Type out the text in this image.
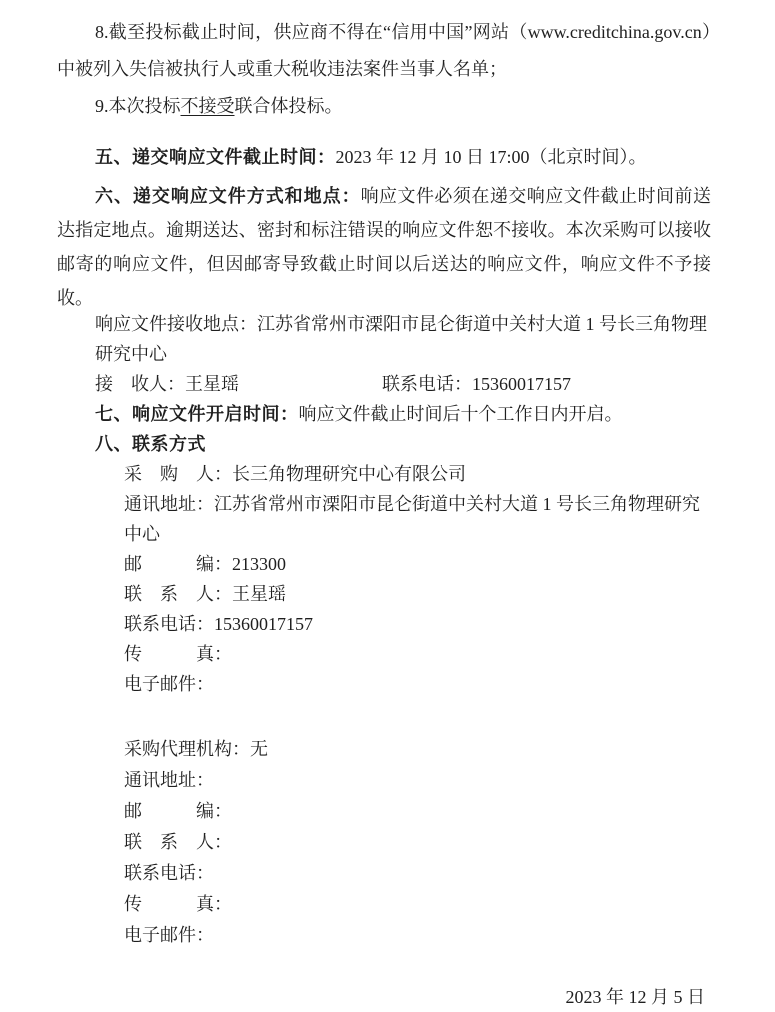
8.截至投标截止时间，供应商不得在“信用中国”网站（www.creditchina.gov.cn）中被列入失信被执行人或重大税收违法案件当事人名单；

9.本次投标不接受联合体投标。

五、递交响应文件截止时间：2023 年 12 月 10 日 17:00（北京时间）。

六、递交响应文件方式和地点：响应文件必须在递交响应文件截止时间前送达指定地点。逾期送达、密封和标注错误的响应文件恕不接收。本次采购可以接收邮寄的响应文件，但因邮寄导致截止时间以后送达的响应文件，响应文件不予接收。

响应文件接收地点：江苏省常州市溧阳市昆仑街道中关村大道 1 号长三角物理研究中心
接　收人：王星瑶	联系电话：15360017157

七、响应文件开启时间：响应文件截止时间后十个工作日内开启。

八、联系方式

采　购　人：长三角物理研究中心有限公司
通讯地址：江苏省常州市溧阳市昆仑街道中关村大道 1 号长三角物理研究中心
邮　　　编：213300
联　系　人：王星瑶
联系电话：15360017157
传　　　真：
电子邮件：
采购代理机构：无
通讯地址：
邮　　　编：
联　系　人：
联系电话：
传　　　真：
电子邮件：
2023 年 12 月 5 日
